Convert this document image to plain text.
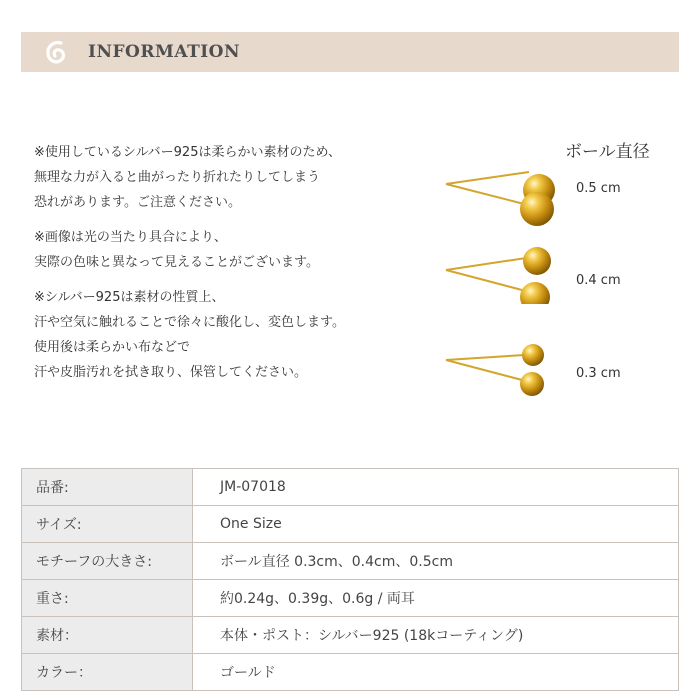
INFORMATION

※使用しているシルバー925は柔らかい素材のため、

無理な力が入ると曲がったり折れたりしてしまう

恐れがあります。ご注意ください。

※画像は光の当たり具合により、

実際の色味と異なって見えることがございます。

※シルバー925は素材の性質上、

汗や空気に触れることで徐々に酸化し、変色します。

使用後は柔らかい布などで

汗や皮脂汚れを拭き取り、保管してください。

ボール直径
0.5 cm
0.4 cm
0.3 cm
品番:	JM-07018
サイズ:	One Size
モチーフの大きさ:	ボール直径 0.3cm、0.4cm、0.5cm
重さ:	約0.24g、0.39g、0.6g / 両耳
素材：	本体・ポスト：シルバー925 (18kコーティング)
カラー：	ゴールド
